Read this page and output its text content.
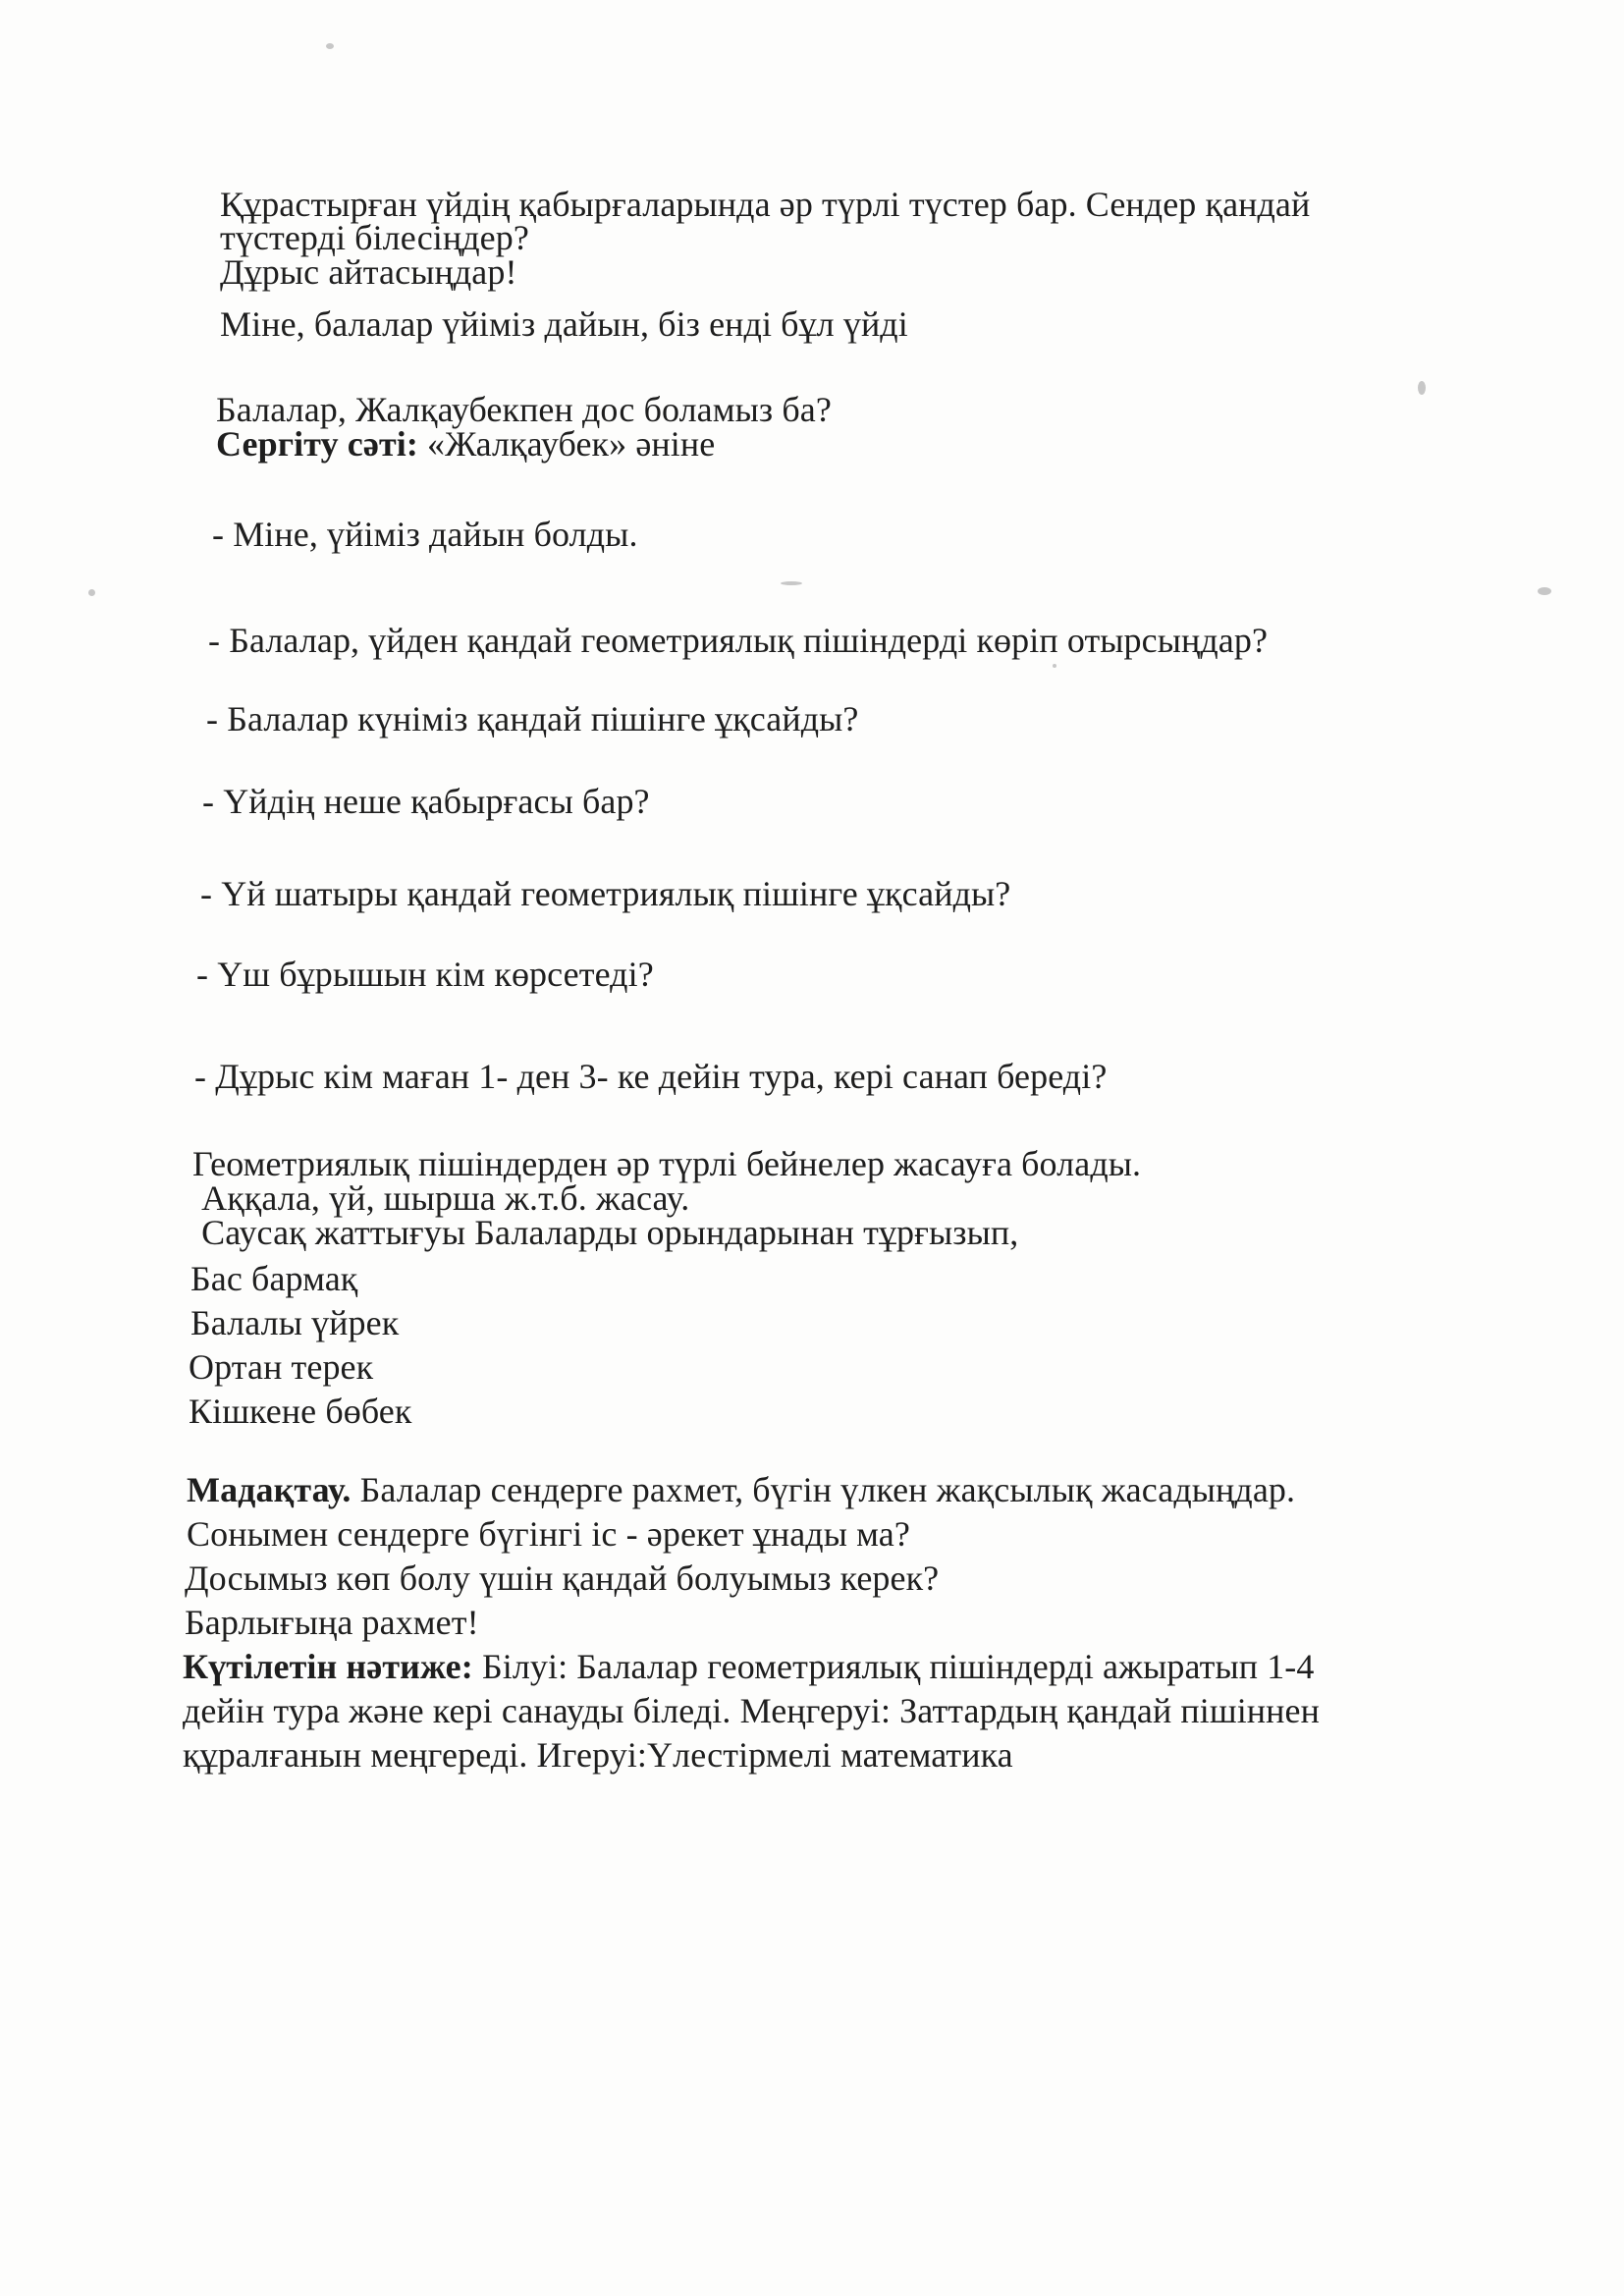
Құрастырған үйдің қабырғаларында әр түрлі түстер бар. Сендер қандай
түстерді білесіңдер?
Дұрыс айтасыңдар!
Міне, балалар үйіміз дайын, біз енді бұл үйді
Балалар, Жалқаубекпен дос боламыз ба?
Сергіту сәті: «Жалқаубек» әніне
- Міне, үйіміз дайын болды.
- Балалар, үйден қандай геометриялық пішіндерді көріп отырсыңдар?
- Балалар күніміз қандай пішінге ұқсайды?
- Үйдің неше қабырғасы бар?
- Үй шатыры қандай геометриялық пішінге ұқсайды?
- Үш бұрышын кім көрсетеді?
- Дұрыс кім маған 1- ден 3- ке дейін тура, кері санап береді?
Геометриялық пішіндерден әр түрлі бейнелер жасауға болады.
Аққала, үй, шырша ж.т.б. жасау.
Саусақ жаттығуы Балаларды орындарынан тұрғызып,
Бас бармақ
Балалы үйрек
Ортан терек
Кішкене бөбек
Мадақтау. Балалар сендерге рахмет, бүгін үлкен жақсылық жасадыңдар.
Сонымен сендерге бүгінгі іс - әрекет ұнады ма?
Досымыз көп болу үшін қандай болуымыз керек?
Барлығыңа рахмет!
Күтілетін нәтиже: Білуі: Балалар геометриялық пішіндерді ажыратып 1-4
дейін тура және кері санауды біледі. Меңгеруі: Заттардың қандай пішіннен
құралғанын меңгереді. Игеруі:Үлестірмелі математика
